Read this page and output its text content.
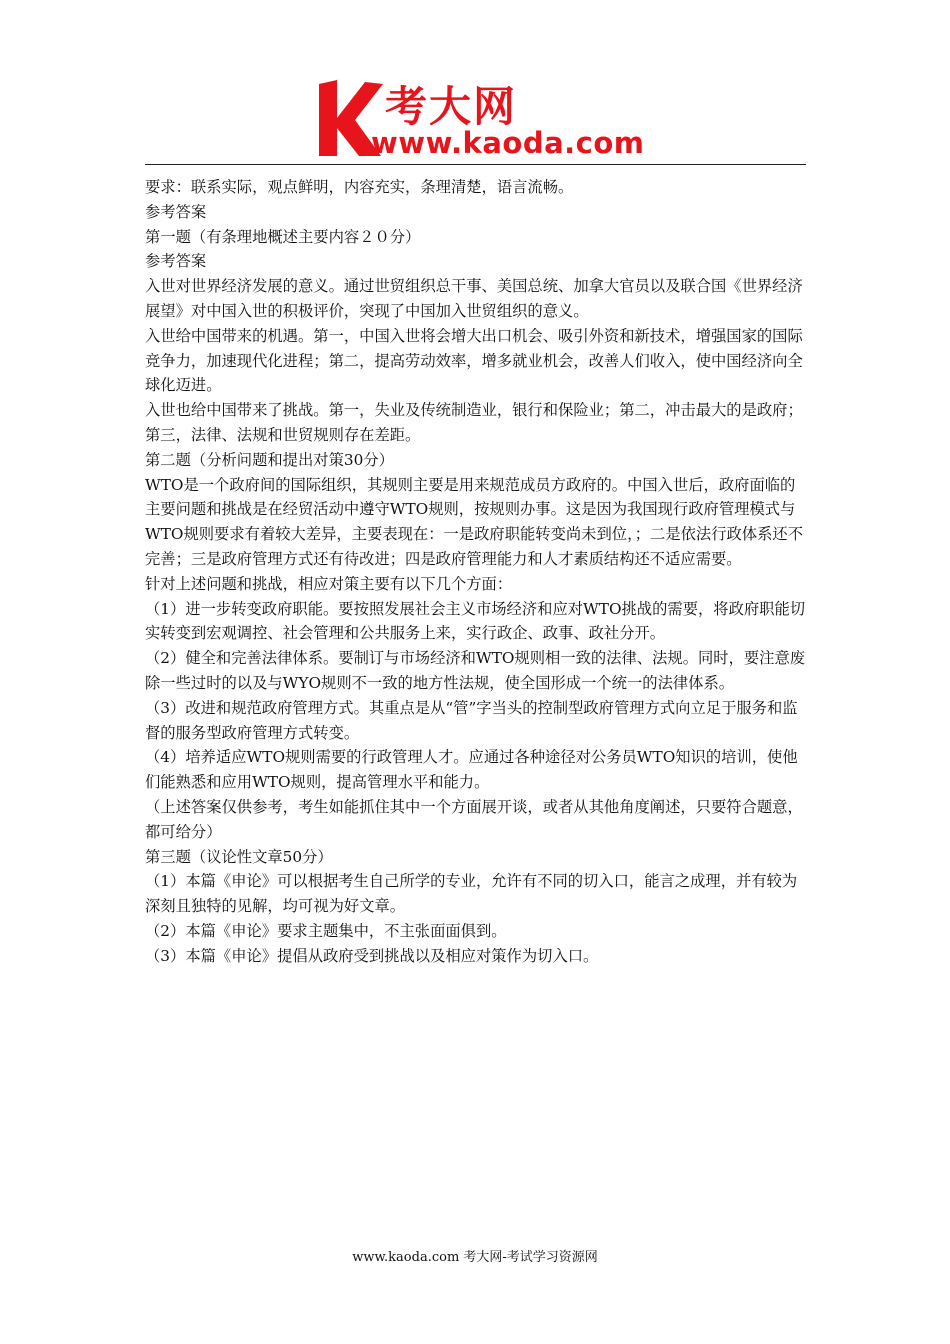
考大网
www.kaoda.com

要求：联系实际，观点鲜明，内容充实，条理清楚，语言流畅。

参考答案

第一题（有条理地概述主要内容２０分）

参考答案

入世对世界经济发展的意义。通过世贸组织总干事、美国总统、加拿大官员以及联合国《世界经济展望》对中国入世的积极评价，突现了中国加入世贸组织的意义。

入世给中国带来的机遇。第一，中国入世将会增大出口机会、吸引外资和新技术，增强国家的国际竞争力，加速现代化进程；第二，提高劳动效率，增多就业机会，改善人们收入，使中国经济向全球化迈进。

入世也给中国带来了挑战。第一，失业及传统制造业，银行和保险业；第二，冲击最大的是政府；第三，法律、法规和世贸规则存在差距。

第二题（分析问题和提出对策30分）

WTO是一个政府间的国际组织，其规则主要是用来规范成员方政府的。中国入世后，政府面临的主要问题和挑战是在经贸活动中遵守WTO规则，按规则办事。这是因为我国现行政府管理模式与WTO规则要求有着较大差异，主要表现在：一是政府职能转变尚未到位，；二是依法行政体系还不完善；三是政府管理方式还有待改进；四是政府管理能力和人才素质结构还不适应需要。

针对上述问题和挑战，相应对策主要有以下几个方面：

（1）进一步转变政府职能。要按照发展社会主义市场经济和应对WTO挑战的需要，将政府职能切实转变到宏观调控、社会管理和公共服务上来，实行政企、政事、政社分开。

（2）健全和完善法律体系。要制订与市场经济和WTO规则相一致的法律、法规。同时，要注意废除一些过时的以及与WYO规则不一致的地方性法规，使全国形成一个统一的法律体系。

（3）改进和规范政府管理方式。其重点是从“管”字当头的控制型政府管理方式向立足于服务和监督的服务型政府管理方式转变。

（4）培养适应WTO规则需要的行政管理人才。应通过各种途径对公务员WTO知识的培训，使他们能熟悉和应用WTO规则，提高管理水平和能力。

（上述答案仅供参考，考生如能抓住其中一个方面展开谈，或者从其他角度阐述，只要符合题意，都可给分）

第三题（议论性文章50分）

（1）本篇《申论》可以根据考生自己所学的专业，允许有不同的切入口，能言之成理，并有较为深刻且独特的见解，均可视为好文章。

（2）本篇《申论》要求主题集中，不主张面面俱到。

（3）本篇《申论》提倡从政府受到挑战以及相应对策作为切入口。

www.kaoda.com 考大网-考试学习资源网
